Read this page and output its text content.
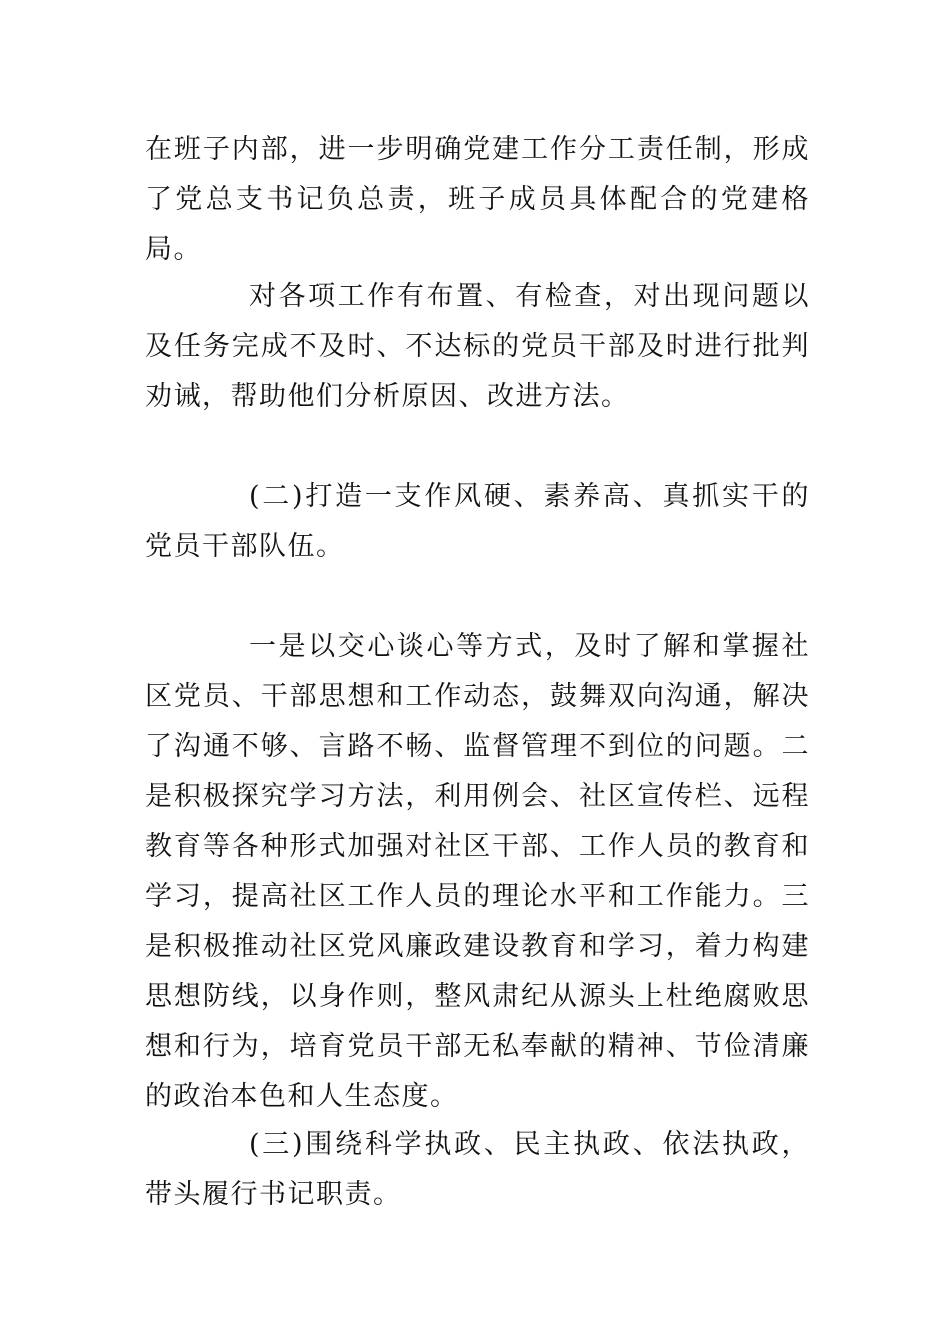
在班子内部，进一步明确党建工作分工责任制，形成了党总支书记负总责，班子成员具体配合的党建格局。

对各项工作有布置、有检查，对出现问题以及任务完成不及时、不达标的党员干部及时进行批判劝诫，帮助他们分析原因、改进方法。

(二)打造一支作风硬、素养高、真抓实干的党员干部队伍。

一是以交心谈心等方式，及时了解和掌握社区党员、干部思想和工作动态，鼓舞双向沟通，解决了沟通不够、言路不畅、监督管理不到位的问题。二是积极探究学习方法，利用例会、社区宣传栏、远程教育等各种形式加强对社区干部、工作人员的教育和学习，提高社区工作人员的理论水平和工作能力。三是积极推动社区党风廉政建设教育和学习，着力构建思想防线，以身作则，整风肃纪从源头上杜绝腐败思想和行为，培育党员干部无私奉献的精神、节俭清廉的政治本色和人生态度。

(三)围绕科学执政、民主执政、依法执政，带头履行书记职责。
